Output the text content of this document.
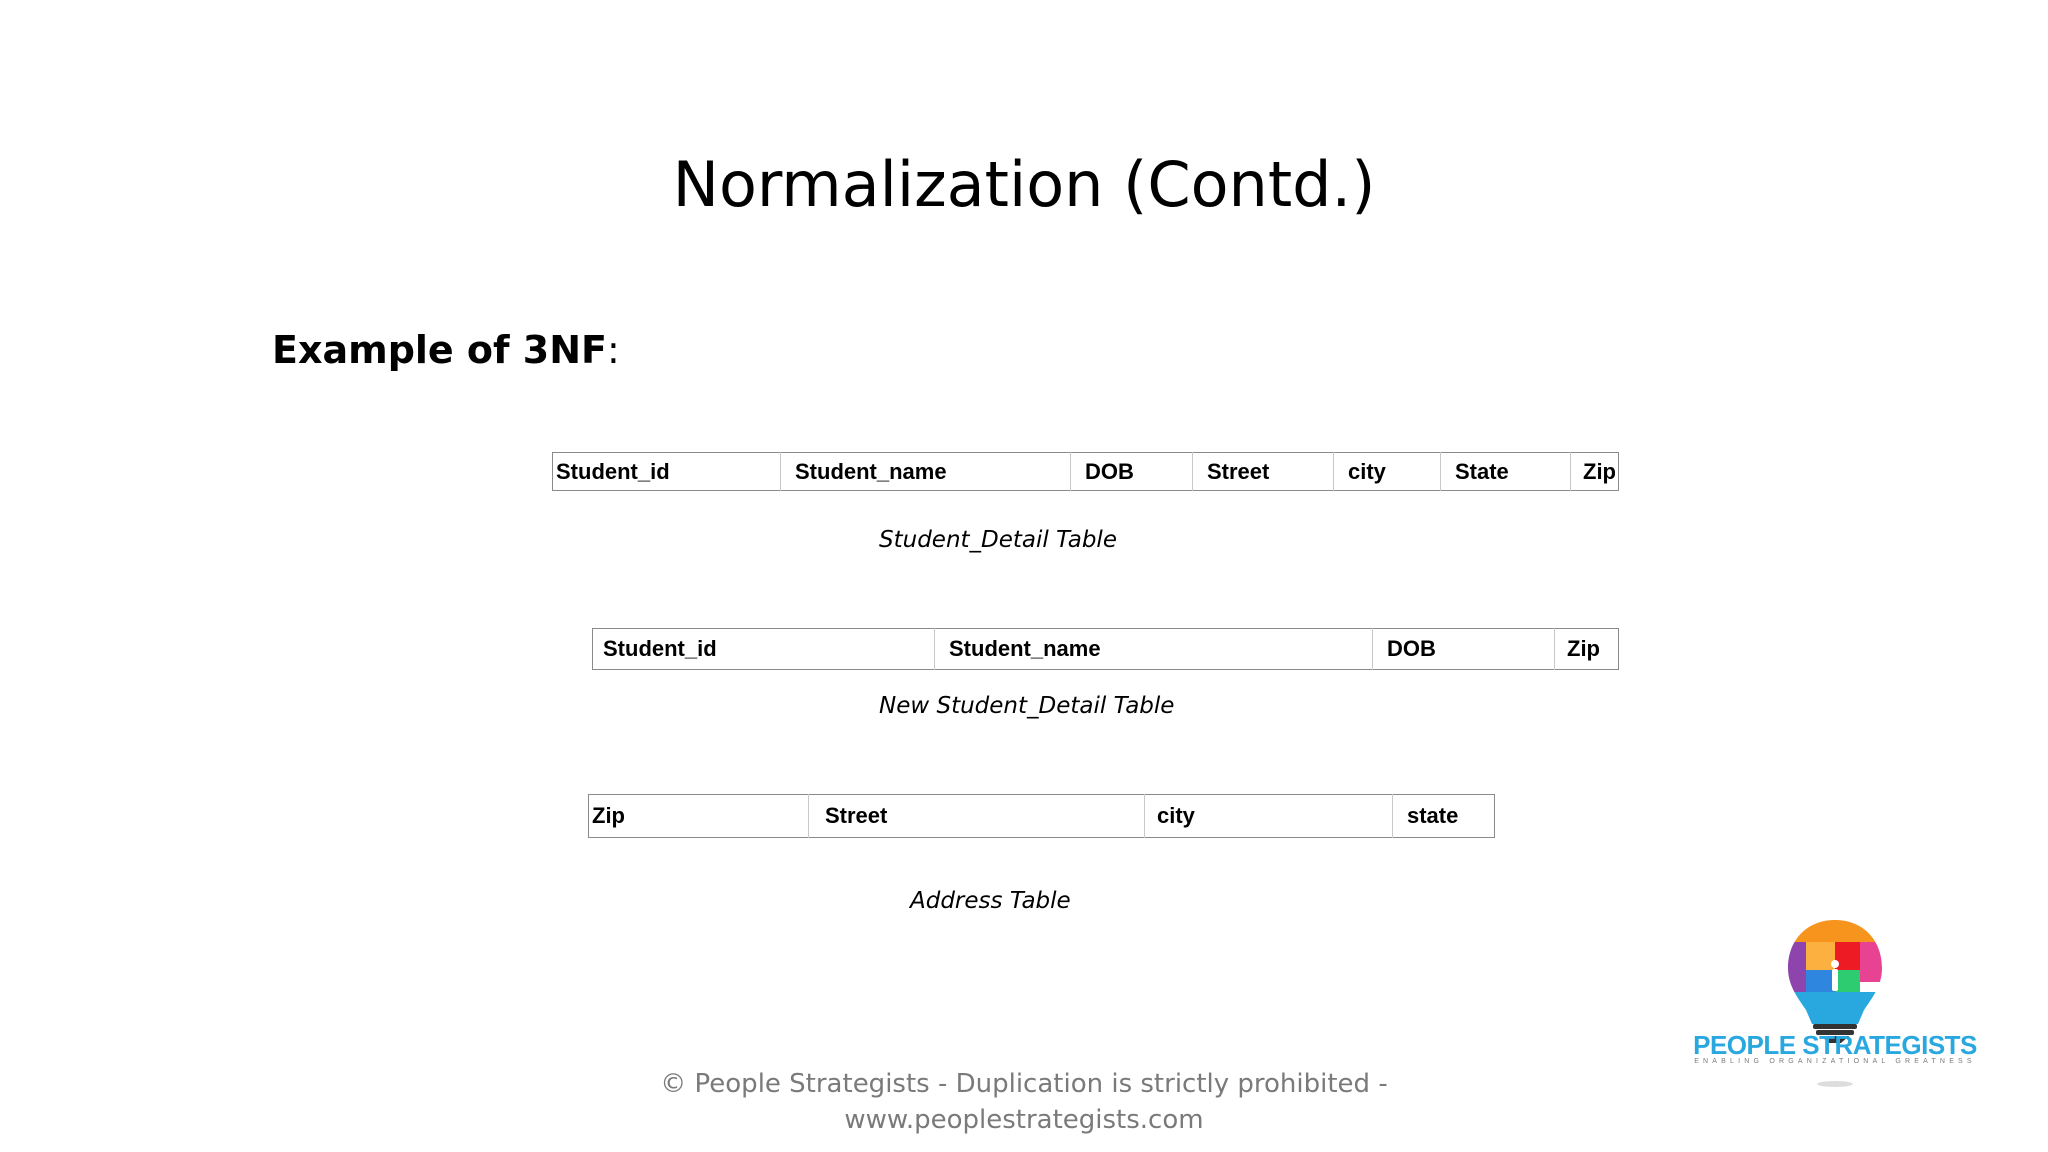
Normalization (Contd.)
Example of 3NF:
Student_id	Student_name	DOB	Street	city	State	Zip
Student_Detail Table
Student_id	Student_name	DOB	Zip
New Student_Detail Table
Zip	Street	city	state
Address Table
© People Strategists - Duplication is strictly prohibited -
www.peoplestrategists.com
PEOPLE STRATEGISTS
ENABLING ORGANIZATIONAL GREATNESS
